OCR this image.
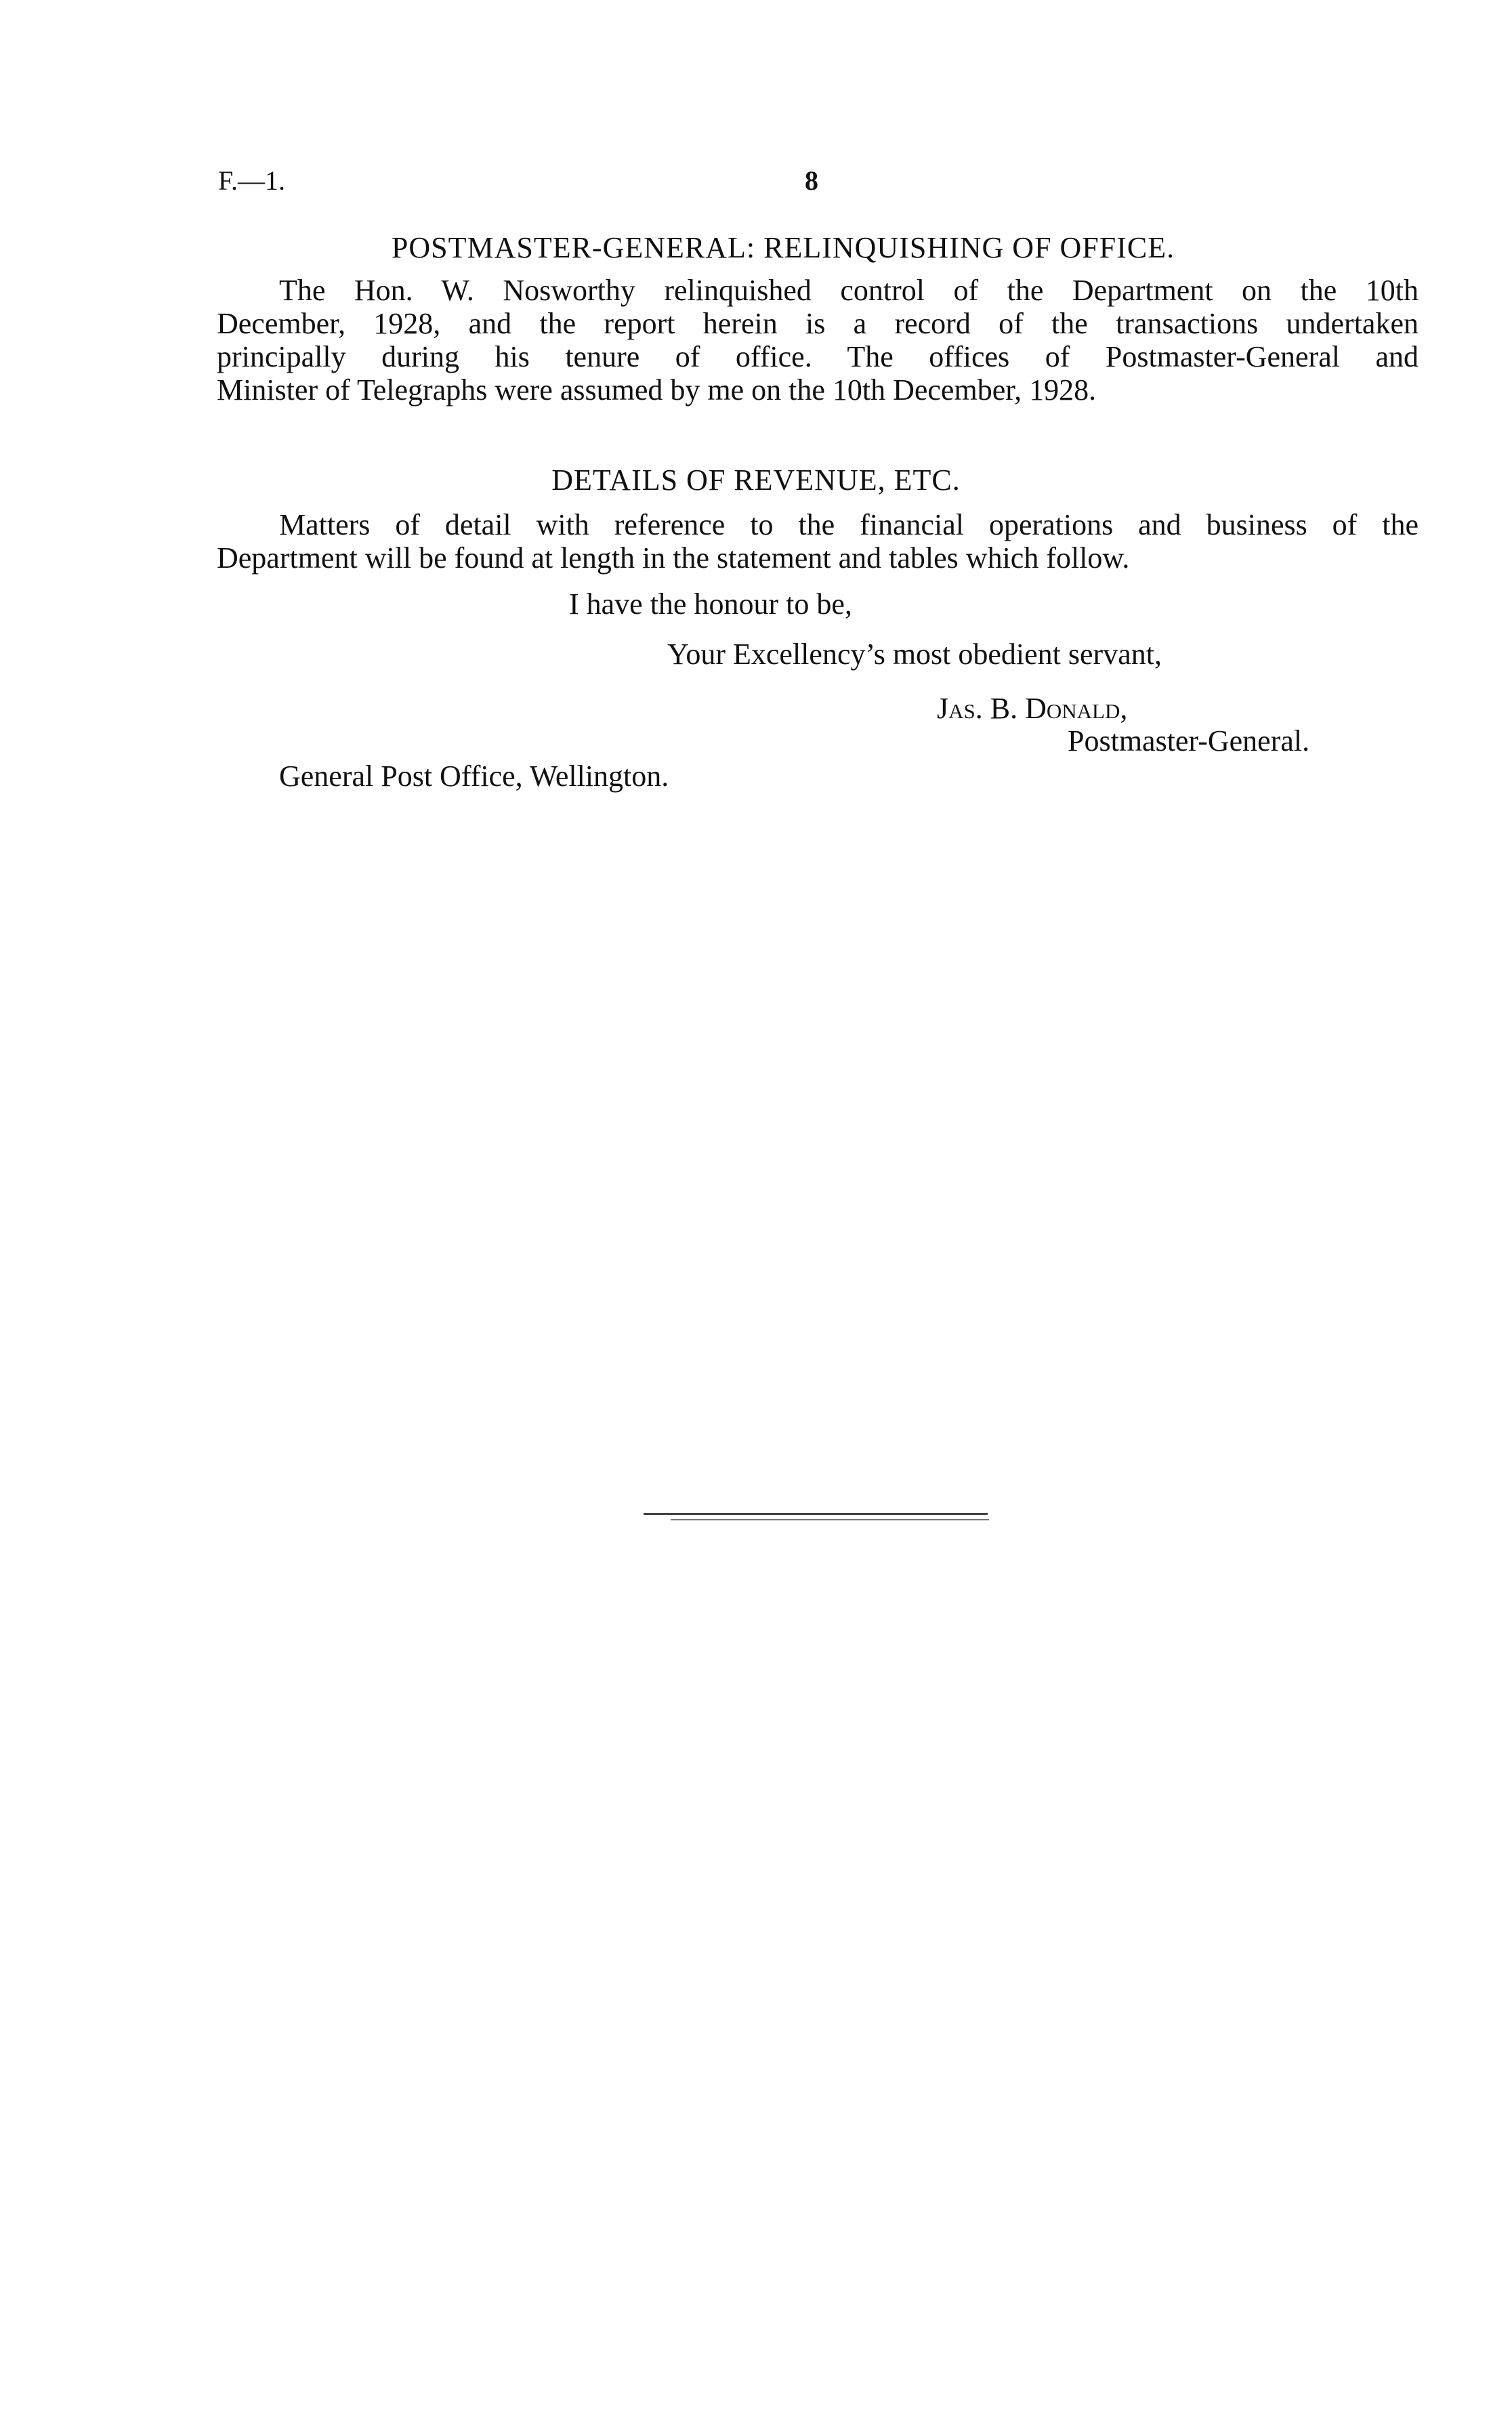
F.—1.	8
POSTMASTER-GENERAL: RELINQUISHING OF OFFICE.
The Hon. W. Nosworthy relinquished control of the Department on the 10th
December, 1928, and the report herein is a record of the transactions undertaken
principally during his tenure of office. The offices of Postmaster-General and
Minister of Telegraphs were assumed by me on the 10th December, 1928.
DETAILS OF REVENUE, ETC.
Matters of detail with reference to the financial operations and business of the
Department will be found at length in the statement and tables which follow.
I have the honour to be,
Your Excellency’s most obedient servant,
Jas. B. Donald,
Postmaster-General.
General Post Office, Wellington.
